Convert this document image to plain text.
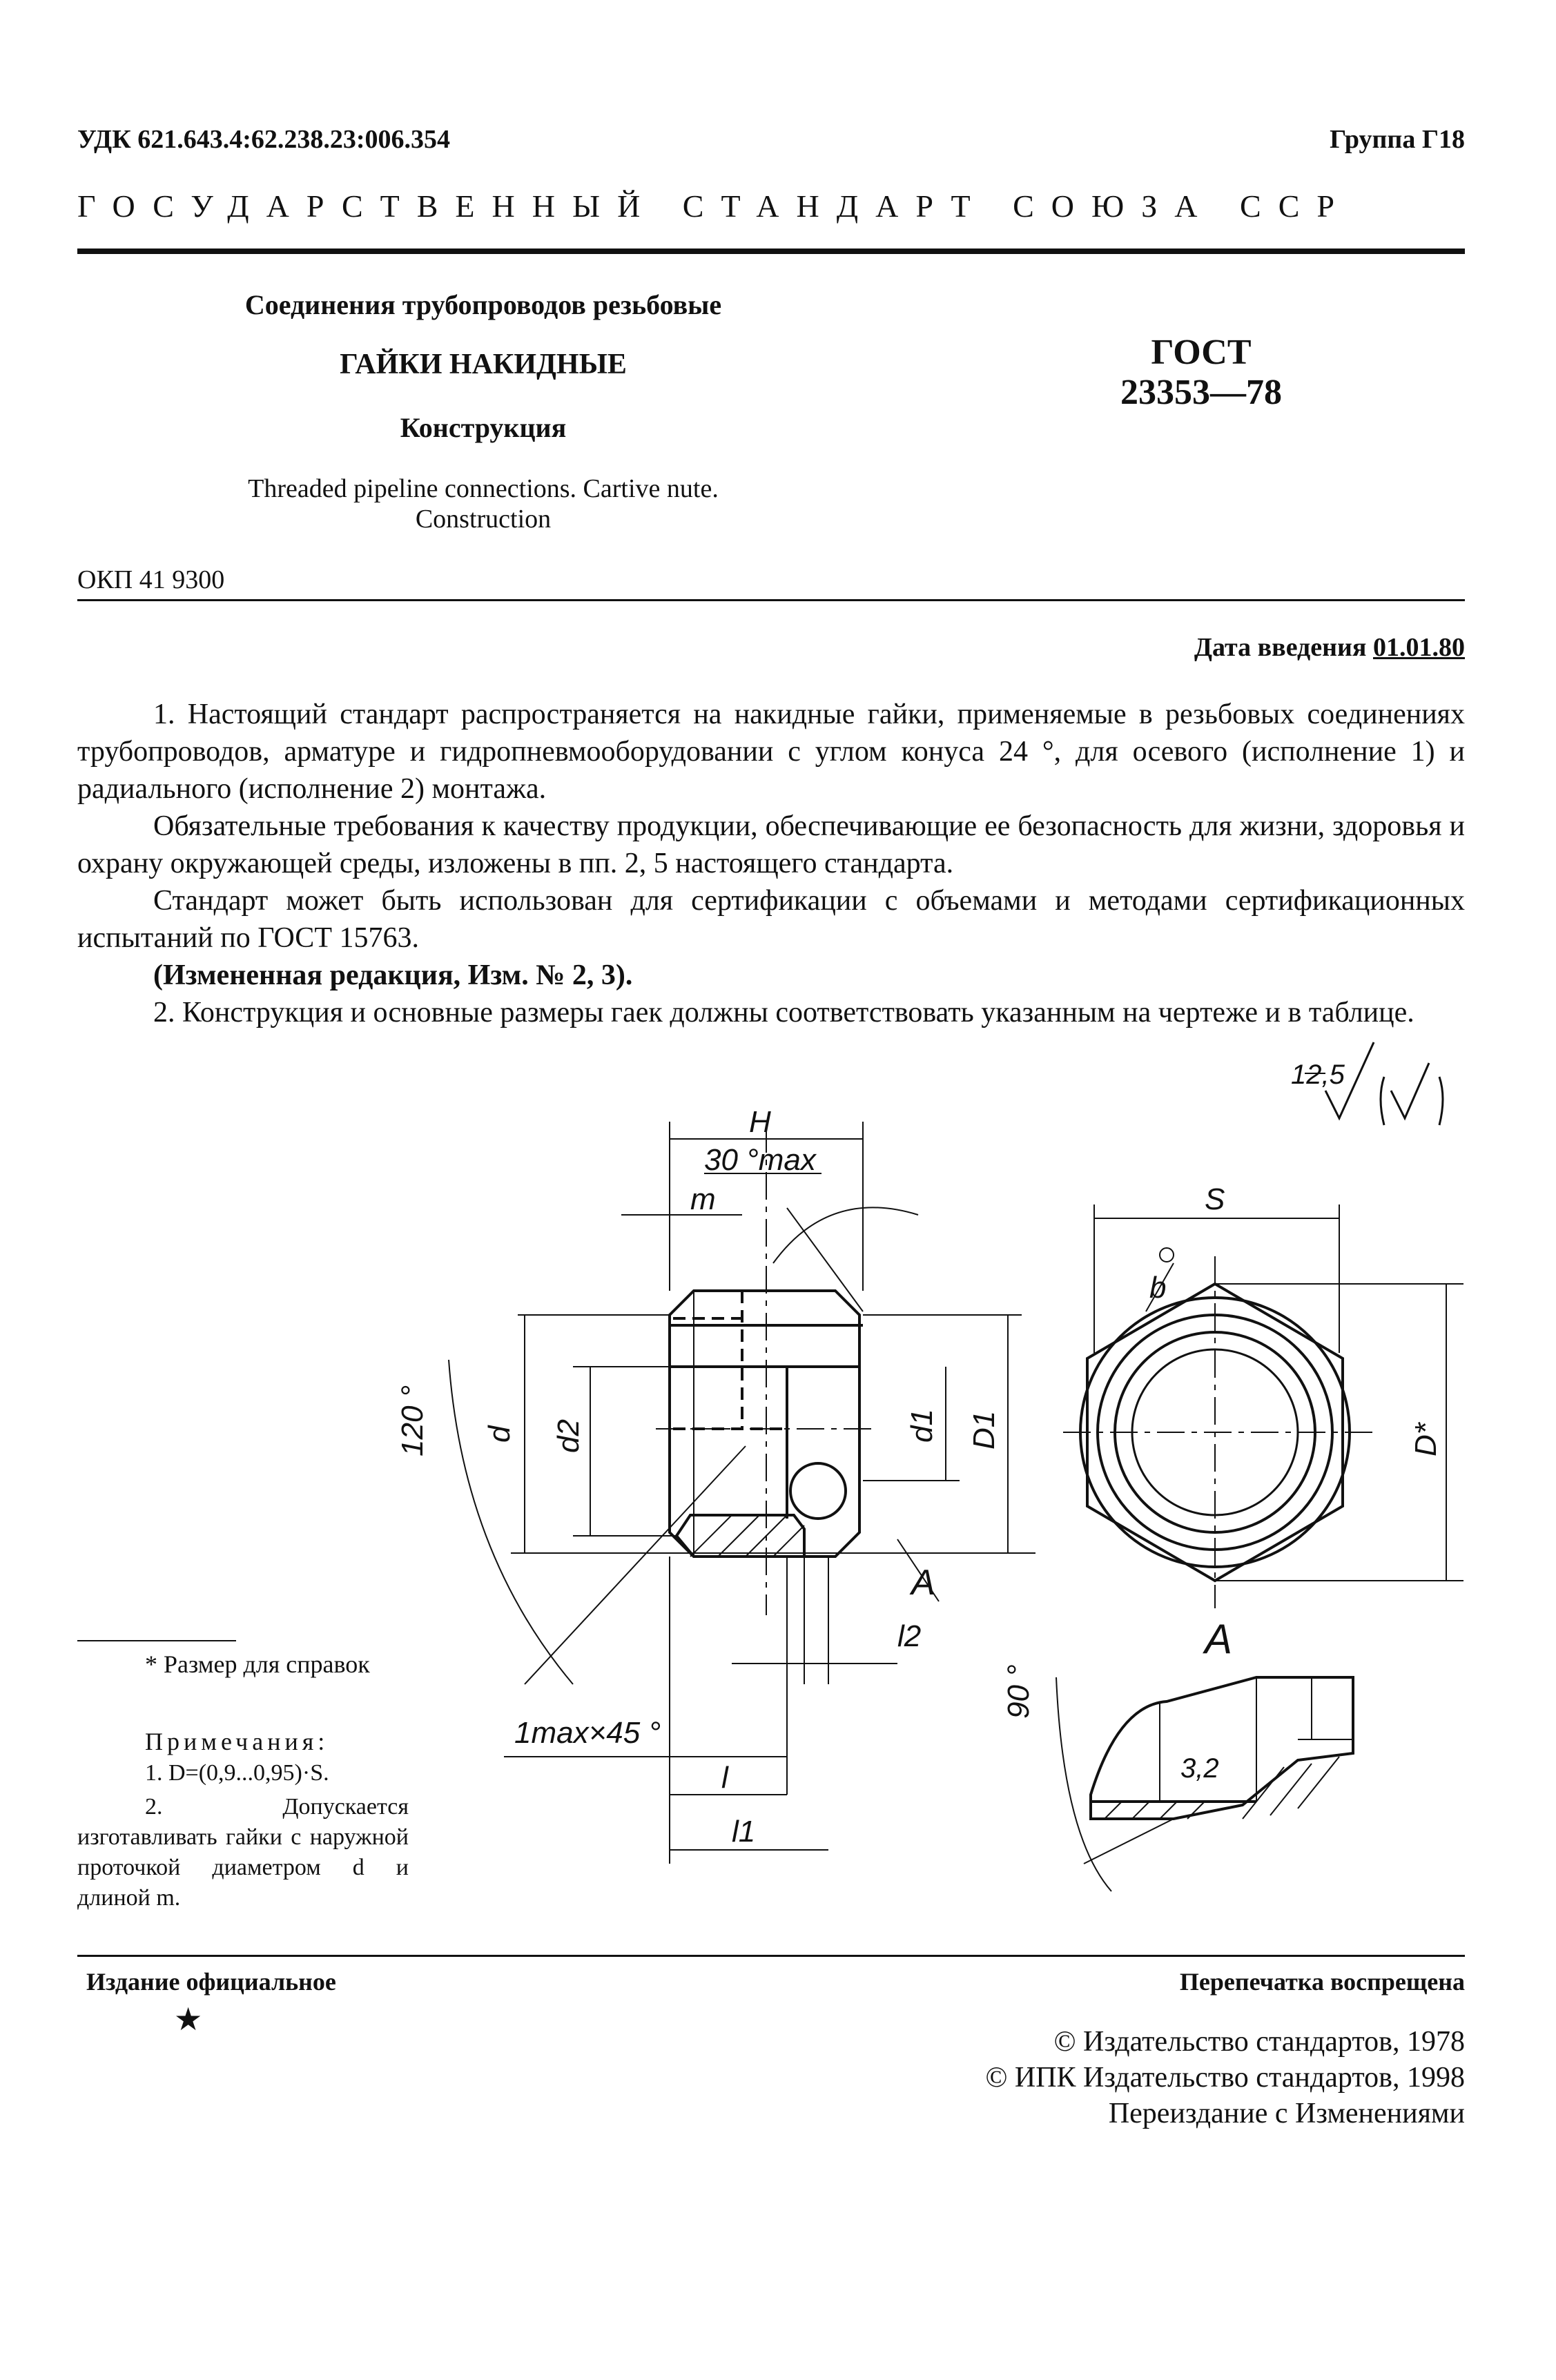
УДК 621.643.4:62.238.23:006.354	Группа Г18
ГОСУДАРСТВЕННЫЙ СТАНДАРТ СОЮЗА ССР
Соединения трубопроводов резьбовые
ГАЙКИ НАКИДНЫЕ
Конструкция
Threaded pipeline connections. Cartive nute.
Construction
ГОСТ
23353—78
ОКП 41 9300
Дата введения 01.01.80
1. Настоящий стандарт распространяется на накидные гайки, применяемые в резьбовых соединениях трубопроводов, арматуре и гидропневмооборудовании с углом конуса 24 °, для осевого (исполнение 1) и радиального (исполнение 2) монтажа.
Обязательные требования к качеству продукции, обеспечивающие ее безопасность для жизни, здоровья и охрану окружающей среды, изложены в пп. 2, 5 настоящего стандарта.
Стандарт может быть использован для сертификации с объемами и методами сертификационных испытаний по ГОСТ 15763.
(Измененная редакция, Изм. № 2, 3).
2. Конструкция и основные размеры гаек должны соответствовать указанным на чертеже и в таблице.
H
30 °max
m	S
b
12,5
120 ° d d2	d1 D1	D*
A
l2
90 °
A
3,2
1max×45 °
l
l1
* Размер для справок
Примечания:
1. D=(0,9...0,95)·S.
2. Допускается изготавливать гайки с наружной проточкой диаметром d и длиной m.
Издание официальное
★
Перепечатка воспрещена
© Издательство стандартов, 1978
© ИПК Издательство стандартов, 1998
Переиздание с Изменениями
